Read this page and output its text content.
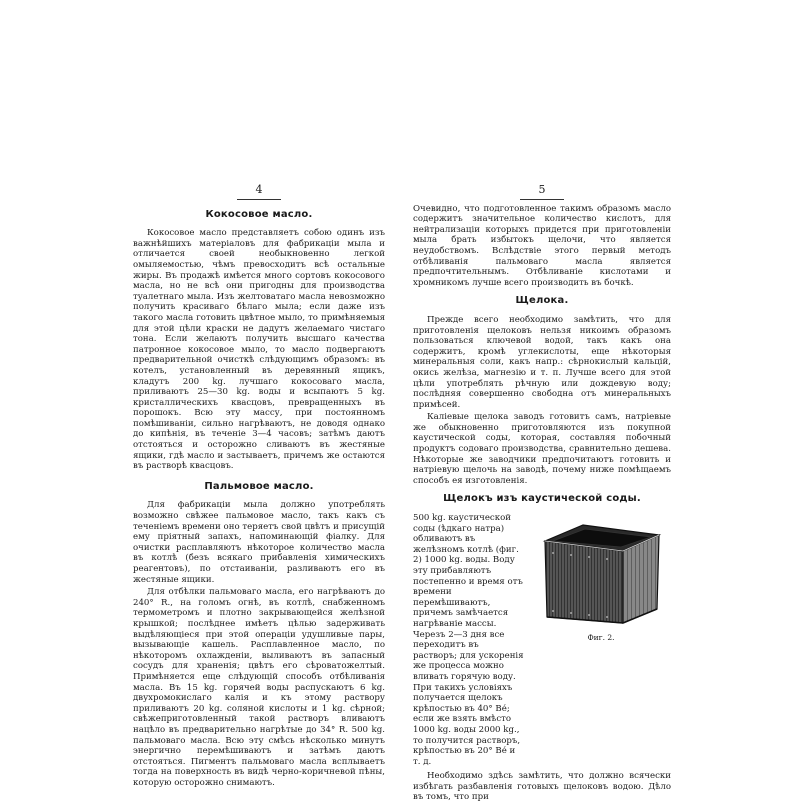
4
Кокосовое масло.

Кокосовое масло представляетъ собою одинъ изъ важнѣйшихъ матеріаловъ для фабрикаціи мыла и отличается своей необыкновенно легкой омыляемостью, чѣмъ превосходитъ всѣ остальные жиры. Въ продажѣ имѣется много сортовъ кокосового масла, но не всѣ они пригодны для производства туалетнаго мыла. Изъ желтоватаго масла невозможно получить красиваго бѣлаго мыла; если даже изъ такого масла готовить цвѣтное мыло, то примѣняемыя для этой цѣли краски не дадутъ желаемаго чистаго тона. Если желаютъ получить высшаго качества патронное кокосовое мыло, то масло подвергаютъ предварительной очисткѣ слѣдующимъ образомъ: въ котелъ, установленный въ деревянный ящикъ, кладутъ 200 kg. лучшаго кокосоваго масла, приливаютъ 25—30 kg. воды и всыпаютъ 5 kg. кристаллическихъ квасцовъ, превращенныхъ въ порошокъ. Всю эту массу, при постоянномъ помѣшиваніи, сильно нагрѣваютъ, не доводя однако до кипѣнія, въ теченіе 3—4 часовъ; затѣмъ даютъ отстояться и осторожно сливаютъ въ жестяные ящики, гдѣ масло и застываетъ, причемъ же остаются въ растворѣ квасцовъ.

Пальмовое масло.

Для фабрикаціи мыла должно употреблять возможно свѣжее пальмовое масло, такъ какъ съ теченіемъ времени оно теряетъ свой цвѣтъ и присущій ему пріятный запахъ, напоминающій фіалку. Для очистки расплавляютъ нѣкоторое количество масла въ котлѣ (безъ всякаго прибавленія химическихъ реагентовъ), по отстаиваніи, разливаютъ его въ жестяные ящики.

Для отбѣлки пальмоваго масла, его нагрѣваютъ до 240° R., на голомъ огнѣ, въ котлѣ, снабженномъ термометромъ и плотно закрывающейся желѣзной крышкой; послѣднее имѣетъ цѣлью задерживать выдѣляющіеся при этой операціи удушливые пары, вызывающіе кашель. Расплавленное масло, по нѣкоторомъ охлажденіи, выливаютъ въ запасный сосудъ для храненія; цвѣтъ его сѣроватожелтый. Примѣняется еще слѣдующій способъ отбѣливанія масла. Въ 15 kg. горячей воды распускаютъ 6 kg. двухромокислаго калія и къ этому раствору приливаютъ 20 kg. соляной кислоты и 1 kg. сѣрной; свѣжеприготовленный такой растворъ вливаютъ нацѣло въ предварительно нагрѣтые до 34° R. 500 kg. пальмоваго масла. Всю эту смѣсь нѣсколько минутъ энергично перемѣшиваютъ и затѣмъ даютъ отстояться. Пигментъ пальмоваго масла всплываетъ тогда на поверхность въ видѣ черно-коричневой пѣны, которую осторожно снимаютъ.

5

Очевидно, что подготовленное такимъ образомъ масло содержитъ значительное количество кислотъ, для нейтрализаціи которыхъ придется при приготовленіи мыла брать избытокъ щелочи, что является неудобствомъ. Вслѣдствіе этого первый методъ отбѣливанія пальмоваго масла является предпочтительнымъ. Отбѣливаніе кислотами и хромникомъ лучше всего производить въ бочкѣ.

Щелока.

Прежде всего необходимо замѣтить, что для приготовленія щелоковъ нельзя никоимъ образомъ пользоваться ключевой водой, такъ какъ она содержитъ, кромѣ углекислоты, еще нѣкоторыя минеральныя соли, какъ напр.: сѣрнокислый кальцій, окись желѣза, магнезію и т. п. Лучше всего для этой цѣли употреблять рѣчную или дождевую воду; послѣдняя совершенно свободна отъ минеральныхъ примѣсей.

Каліевые щелока заводъ готовитъ самъ, натріевые же обыкновенно приготовляются изъ покупной каустической соды, которая, составляя побочный продуктъ содоваго производства, сравнительно дешева. Нѣкоторые же заводчики предпочитаютъ готовить и натріевую щелочь на заводѣ, почему ниже помѣщаемъ способъ ея изготовленія.

Щелокъ изъ каустической соды.
500 kg. каустической соды (ѣдкаго натра) обливаютъ въ желѣзномъ котлѣ (фиг. 2) 1000 kg. воды. Воду эту прибавляютъ постепенно и время отъ времени перемѣшиваютъ, причемъ замѣчается нагрѣваніе массы. Черезъ 2—3 дня все переходитъ въ растворъ; для ускоренія же процесса можно вливать горячую воду. При такихъ условіяхъ получается щелокъ крѣпостью въ 40° Bé; если же взять вмѣсто 1000 kg. воды 2000 kg., то получится растворъ, крѣпостью въ 20° Bé и т. д.
Фиг. 2.

Необходимо здѣсь замѣтить, что должно всячески избѣгать разбавленія готовыхъ щелоковъ водою. Дѣло въ томъ, что при
